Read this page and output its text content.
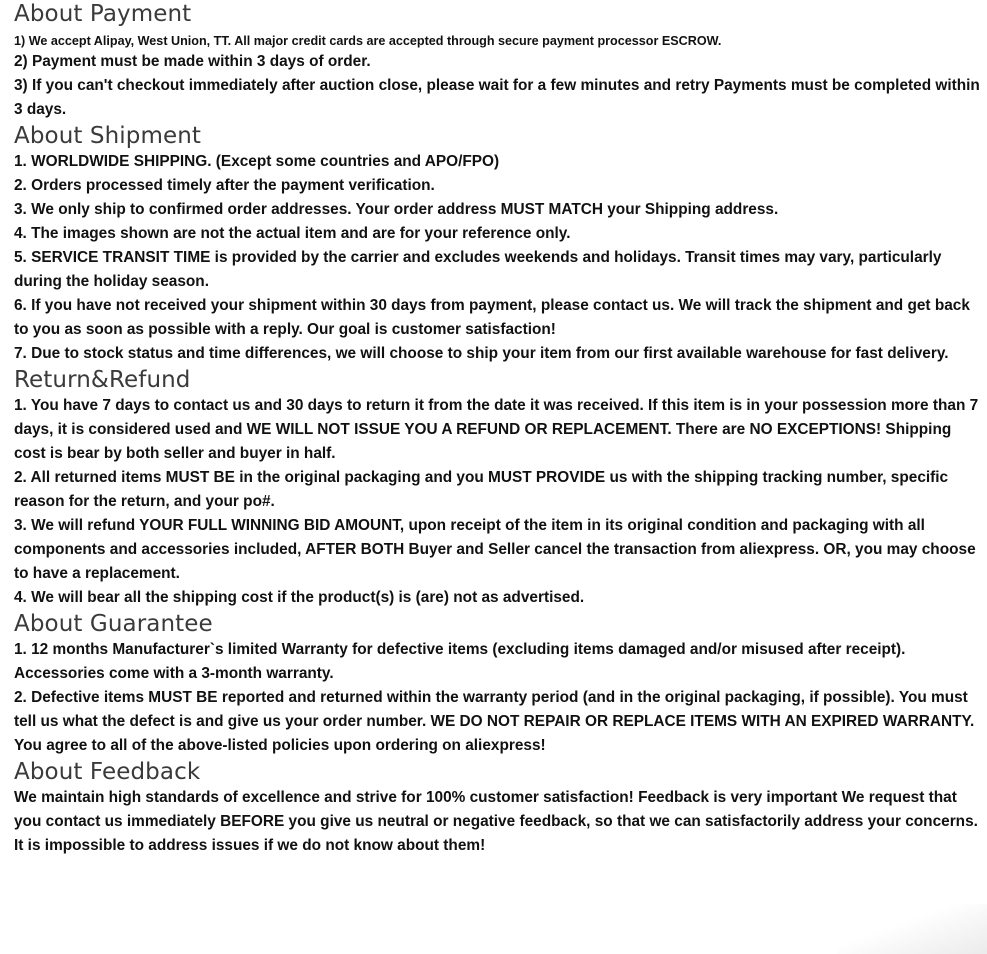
About Payment

1) We accept Alipay, West Union, TT. All major credit cards are accepted through secure payment processor ESCROW.

2) Payment must be made within 3 days of order.

3) If you can't checkout immediately after auction close, please wait for a few minutes and retry Payments must be completed within 3 days.

About Shipment

1. WORLDWIDE SHIPPING. (Except some countries and APO/FPO)

2. Orders processed timely after the payment verification.

3. We only ship to confirmed order addresses. Your order address MUST MATCH your Shipping address.

4. The images shown are not the actual item and are for your reference only.

5. SERVICE TRANSIT TIME is provided by the carrier and excludes weekends and holidays. Transit times may vary, particularly during the holiday season.

6. If you have not received your shipment within 30 days from payment, please contact us. We will track the shipment and get back to you as soon as possible with a reply. Our goal is customer satisfaction!

7. Due to stock status and time differences, we will choose to ship your item from our first available warehouse for fast delivery.

Return&Refund

1. You have 7 days to contact us and 30 days to return it from the date it was received. If this item is in your possession more than 7 days, it is considered used and WE WILL NOT ISSUE YOU A REFUND OR REPLACEMENT. There are NO EXCEPTIONS! Shipping cost is bear by both seller and buyer in half.

2. All returned items MUST BE in the original packaging and you MUST PROVIDE us with the shipping tracking number, specific reason for the return, and your po#.

3. We will refund YOUR FULL WINNING BID AMOUNT, upon receipt of the item in its original condition and packaging with all components and accessories included, AFTER BOTH Buyer and Seller cancel the transaction from aliexpress. OR, you may choose to have a replacement.

4. We will bear all the shipping cost if the product(s) is (are) not as advertised.

About Guarantee

1. 12 months Manufacturer`s limited Warranty for defective items (excluding items damaged and/or misused after receipt). Accessories come with a 3-month warranty.

2. Defective items MUST BE reported and returned within the warranty period (and in the original packaging, if possible). You must tell us what the defect is and give us your order number. WE DO NOT REPAIR OR REPLACE ITEMS WITH AN EXPIRED WARRANTY.

You agree to all of the above-listed policies upon ordering on aliexpress!

About Feedback

We maintain high standards of excellence and strive for 100% customer satisfaction! Feedback is very important We request that you contact us immediately BEFORE you give us neutral or negative feedback, so that we can satisfactorily address your concerns.

It is impossible to address issues if we do not know about them!
